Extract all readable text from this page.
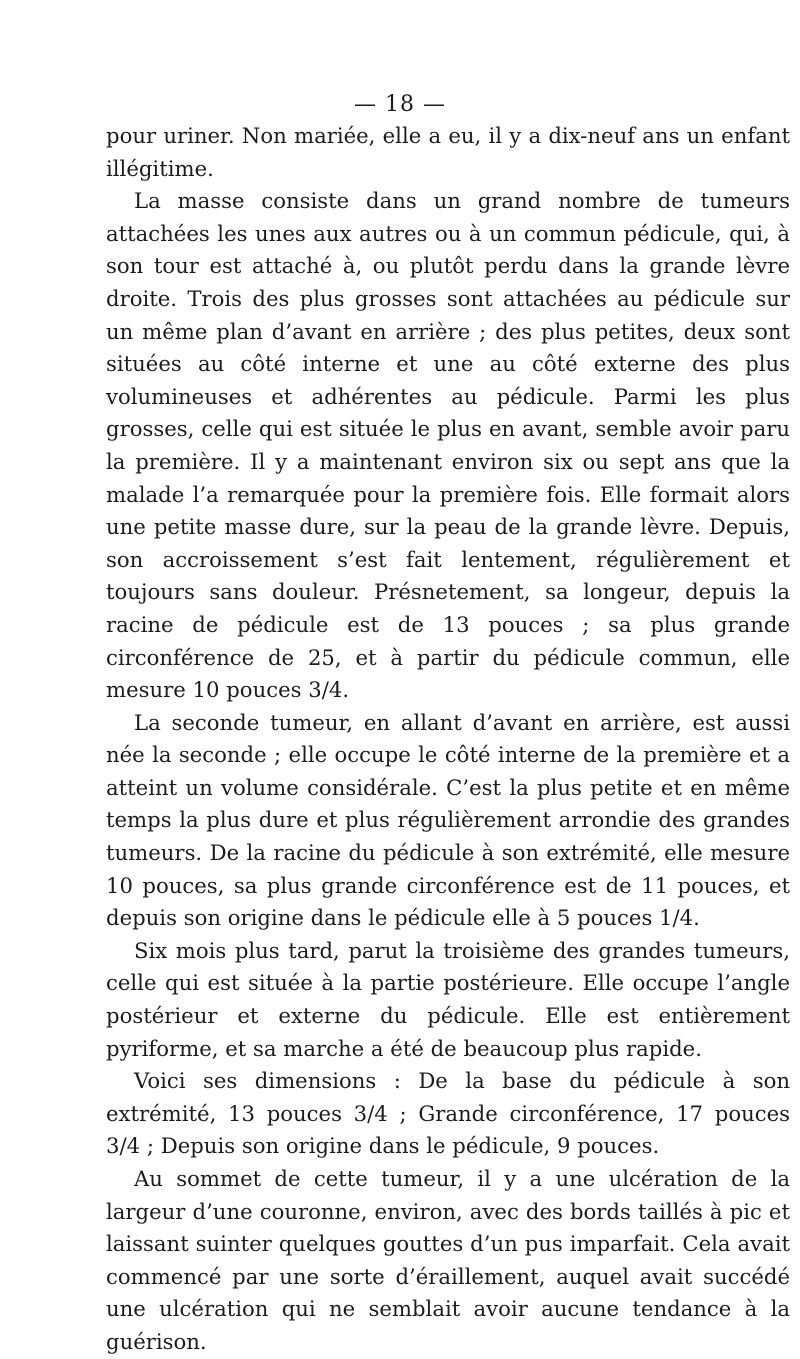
— 18 —

pour uriner. Non mariée, elle a eu, il y a dix-neuf ans un enfant illégitime.

La masse consiste dans un grand nombre de tumeurs attachées les unes aux autres ou à un commun pédicule, qui, à son tour est attaché à, ou plutôt perdu dans la grande lèvre droite. Trois des plus grosses sont attachées au pédicule sur un même plan d’avant en arrière ; des plus petites, deux sont situées au côté interne et une au côté externe des plus volumineuses et adhérentes au pédicule. Parmi les plus grosses, celle qui est située le plus en avant, semble avoir paru la première. Il y a maintenant environ six ou sept ans que la malade l’a remarquée pour la première fois. Elle formait alors une petite masse dure, sur la peau de la grande lèvre. Depuis, son accroissement s’est fait lentement, régulièrement et toujours sans douleur. Présnetement, sa longeur, depuis la racine de pédicule est de 13 pouces ; sa plus grande circonférence de 25, et à partir du pédicule commun, elle mesure 10 pouces 3/4.

La seconde tumeur, en allant d’avant en arrière, est aussi née la seconde ; elle occupe le côté interne de la première et a atteint un volume considérale. C’est la plus petite et en même temps la plus dure et plus régulièrement arrondie des grandes tumeurs. De la racine du pédicule à son extrémité, elle mesure 10 pouces, sa plus grande circonférence est de 11 pouces, et depuis son origine dans le pédicule elle à 5 pouces 1/4.

Six mois plus tard, parut la troisième des grandes tumeurs, celle qui est située à la partie postérieure. Elle occupe l’angle postérieur et externe du pédicule. Elle est entièrement pyriforme, et sa marche a été de beaucoup plus rapide.

Voici ses dimensions : De la base du pédicule à son extrémité, 13 pouces 3/4 ; Grande circonférence, 17 pouces 3/4 ; Depuis son origine dans le pédicule, 9 pouces.

Au sommet de cette tumeur, il y a une ulcération de la largeur d’une couronne, environ, avec des bords taillés à pic et laissant suinter quelques gouttes d’un pus imparfait. Cela avait commencé par une sorte d’éraillement, auquel avait succédé une ulcération qui ne semblait avoir aucune tendance à la guérison.
